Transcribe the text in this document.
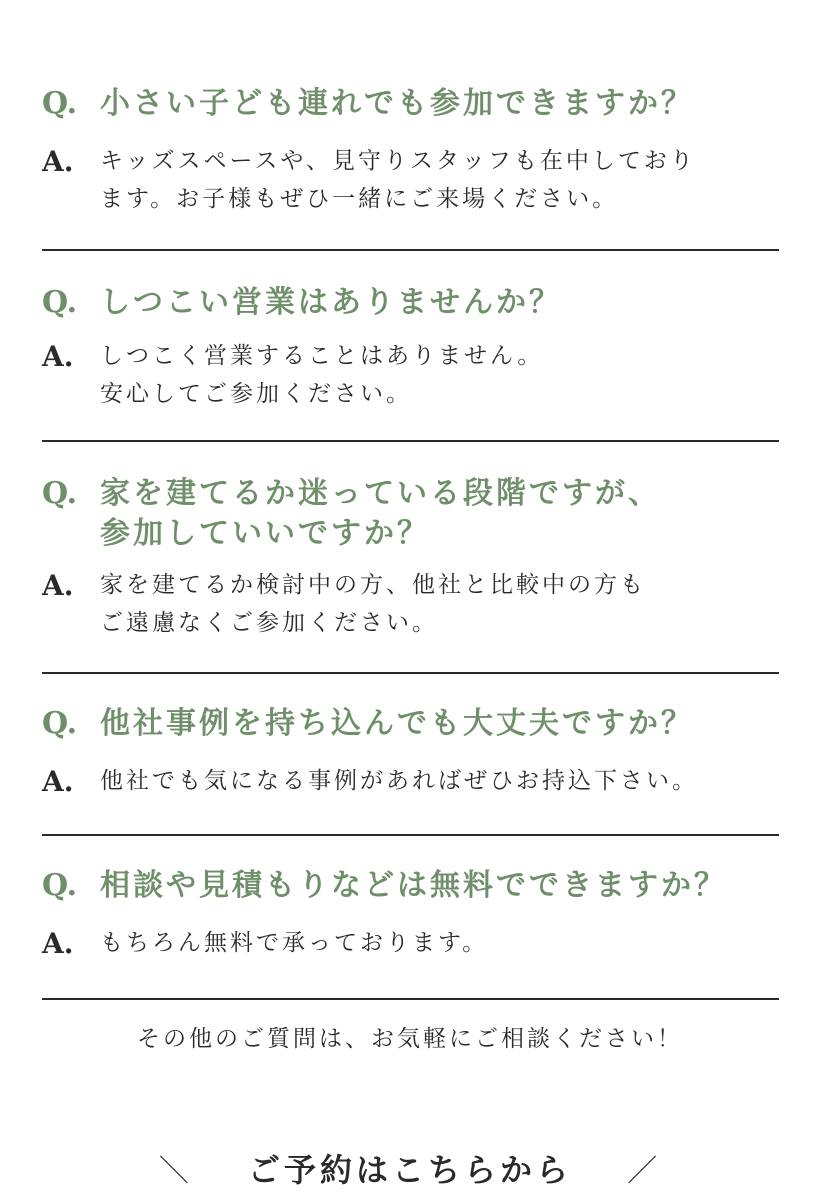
Q. 小さい子ども連れでも参加できますか？
A. キッズスペースや、見守りスタッフも在中しており
ます。お子様もぜひ一緒にご来場ください。
Q. しつこい営業はありませんか？
A. しつこく営業することはありません。
安心してご参加ください。
Q. 家を建てるか迷っている段階ですが、
参加していいですか？
A. 家を建てるか検討中の方、他社と比較中の方も
ご遠慮なくご参加ください。
Q. 他社事例を持ち込んでも大丈夫ですか？
A. 他社でも気になる事例があればぜひお持込下さい。
Q. 相談や見積もりなどは無料でできますか？
A. もちろん無料で承っております。
その他のご質問は、お気軽にご相談ください！
＼ ご予約はこちらから ／
